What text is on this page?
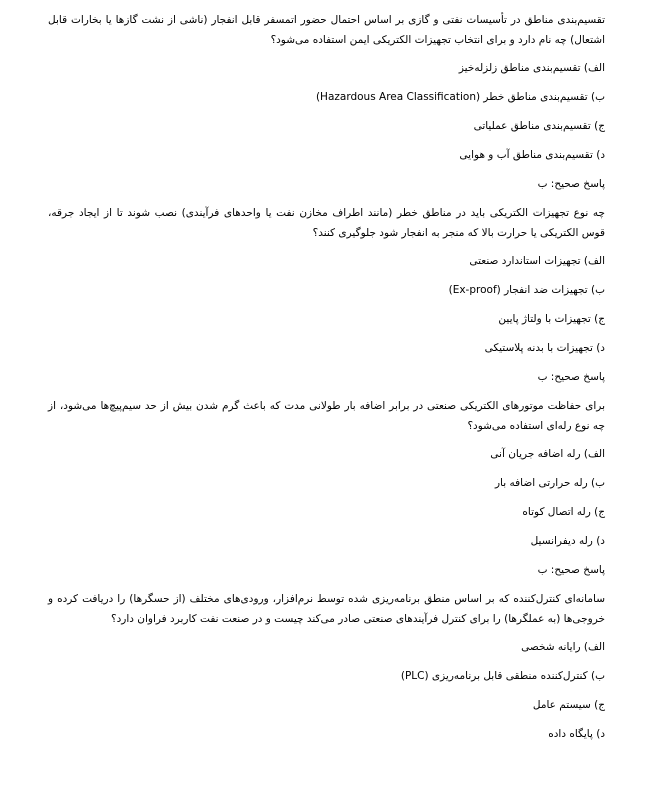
تقسیم‌بندی مناطق در تأسیسات نفتی و گازی بر اساس احتمال حضور اتمسفر قابل انفجار (ناشی از نشت گازها یا بخارات قابل اشتعال) چه نام دارد و برای انتخاب تجهیزات الکتریکی ایمن استفاده می‌شود؟
الف) تقسیم‌بندی مناطق زلزله‌خیز
ب) تقسیم‌بندی مناطق خطر (Hazardous Area Classification)
ج) تقسیم‌بندی مناطق عملیاتی
د) تقسیم‌بندی مناطق آب و هوایی
پاسخ صحیح: ب
چه نوع تجهیزات الکتریکی باید در مناطق خطر (مانند اطراف مخازن نفت یا واحدهای فرآیندی) نصب شوند تا از ایجاد جرقه، قوس الکتریکی یا حرارت بالا که منجر به انفجار شود جلوگیری کنند؟
الف) تجهیزات استاندارد صنعتی
ب) تجهیزات ضد انفجار (Ex-proof)
ج) تجهیزات با ولتاژ پایین
د) تجهیزات با بدنه پلاستیکی
پاسخ صحیح: ب
برای حفاظت موتورهای الکتریکی صنعتی در برابر اضافه بار طولانی مدت که باعث گرم شدن بیش از حد سیم‌پیچ‌ها می‌شود، از چه نوع رله‌ای استفاده می‌شود؟
الف) رله اضافه جریان آنی
ب) رله حرارتی اضافه بار
ج) رله اتصال کوتاه
د) رله دیفرانسیل
پاسخ صحیح: ب
سامانه‌ای کنترل‌کننده که بر اساس منطق برنامه‌ریزی شده توسط نرم‌افزار، ورودی‌های مختلف (از حسگرها) را دریافت کرده و خروجی‌ها (به عملگرها) را برای کنترل فرآیندهای صنعتی صادر می‌کند چیست و در صنعت نفت کاربرد فراوان دارد؟
الف) رایانه شخصی
ب) کنترل‌کننده منطقی قابل برنامه‌ریزی (PLC)
ج) سیستم عامل
د) پایگاه داده
